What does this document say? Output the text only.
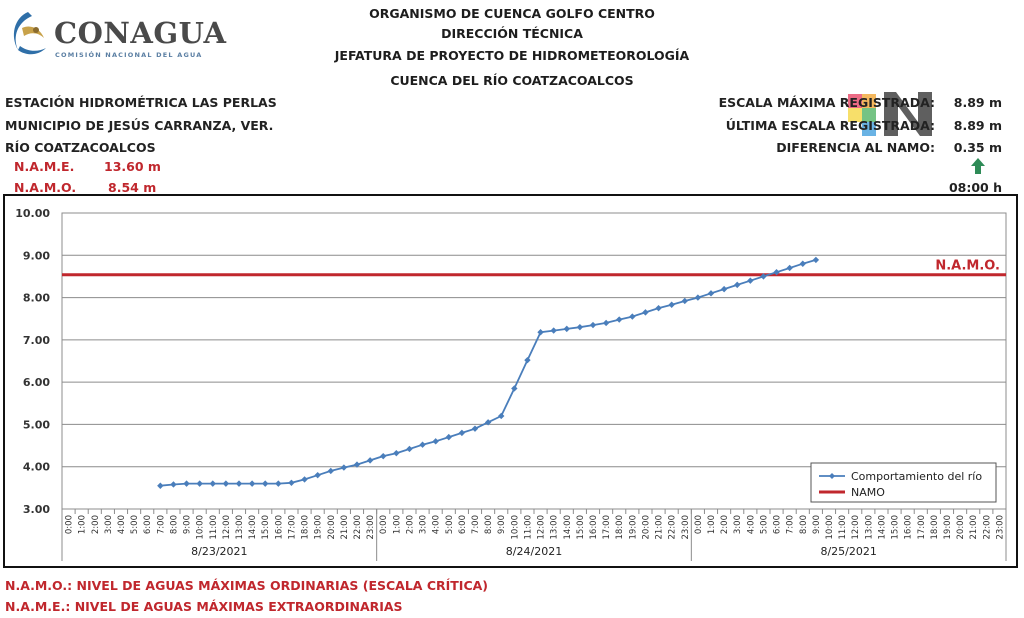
CONAGUA
COMISIÓN NACIONAL DEL AGUA
ORGANISMO DE CUENCA GOLFO CENTRO
DIRECCIÓN TÉCNICA
JEFATURA DE PROYECTO DE HIDROMETEOROLOGÍA
CUENCA DEL RÍO COATZACOALCOS
ESTACIÓN HIDROMÉTRICA LAS PERLAS
MUNICIPIO DE JESÚS CARRANZA, VER.
RÍO COATZACOALCOS
N.A.M.E. 13.60 m
N.A.M.O.	8.54 m
ESCALA MÁXIMA REGISTRADA: 8.89 m
ÚLTIMA ESCALA REGISTRADA: 8.89 m
DIFERENCIA AL NAMO: 0.35 m
08:00 h
3.00
4.00
5.00
6.00
7.00
8.00
9.00
10.00
0:00 1:00 2:00 3:00 4:00 5:00 6:00 7:00 8:00 9:00 10:00 11:00 12:00 13:00 14:00 15:00 16:00 17:00 18:00 19:00 20:00 21:00 22:00 23:00 0:00 1:00 2:00 3:00 4:00 5:00 6:00 7:00 8:00 9:00 10:00 11:00 12:00 13:00 14:00 15:00 16:00 17:00 18:00 19:00 20:00 21:00 22:00 23:00 0:00 1:00 2:00 3:00 4:00 5:00 6:00 7:00 8:00 9:00 10:00 11:00 12:00 13:00 14:00 15:00 16:00 17:00 18:00 19:00 20:00 21:00 22:00 23:00
8/23/2021	8/24/2021	8/25/2021
N.A.M.O.
Comportamiento del río
NAMO
N.A.M.O.: NIVEL DE AGUAS MÁXIMAS ORDINARIAS (ESCALA CRÍTICA)
N.A.M.E.: NIVEL DE AGUAS MÁXIMAS EXTRAORDINARIAS
